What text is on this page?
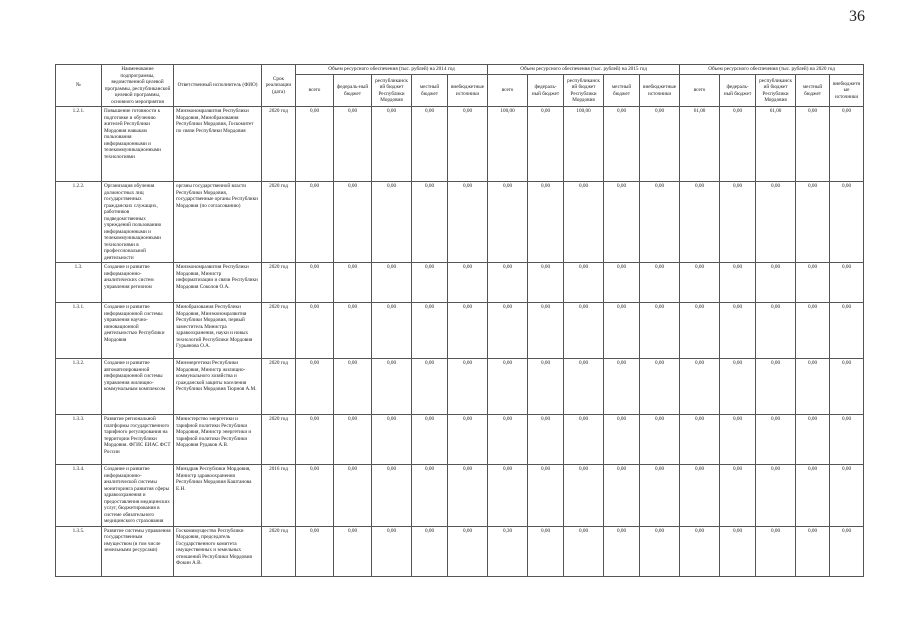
36
№	Наименование подпрограммы, ведомственной целевой программы, республиканской целевой программы, основного мероприятия	Ответственный исполнитель (ФИО)	Срок реализации (дата)	Объем ресурсного обеспечения (тыс. рублей) на 2014 год					Объем ресурсного обеспечения (тыс. рублей) на 2015 год					Объем ресурсного обеспечения (тыс. рублей) на 2020 год				
				всего	федераль-ный бюджет	республиканский бюджет Республики Мордовия	местный бюджет	внебюджетные источники	всего	федераль-ный бюджет	республиканский бюджет Республики Мордовия	местный бюджет	внебюджетные источники	всего	федераль-ный бюджет	республиканский бюджет Республики Мордовия	местный бюджет	внебюджетные источники
1.2.1.	Повышение готовности к подготовке и обучению жителей Республики Мордовия навыкам пользования информационными и телекоммуникационными технологиями	Минэкономразвития Республики Мордовия, Минобразования Республики Мордовия, Госкомитет по связи Республики Мордовия	2020 год	0,00	0,00	0,00	0,00	0,00	100,00	0,00	100,00	0,00	0,00	61,00	0,00	61,00	0,00	0,00
1.2.2.	Организация обучения должностных лиц государственных гражданских служащих, работников подведомственных учреждений пользованию информационными и телекоммуникационными технологиями в профессиональной деятельности	органы государственной власти Республики Мордовия, государственные органы Республики Мордовия (по согласованию)	2020 год	0,00	0,00	0,00	0,00	0,00	0,00	0,00	0,00	0,00	0,00	0,00	0,00	0,00	0,00	0,00
1.3.	Создание и развитие информационно-аналитических систем управления регионом	Минэкономразвития Республики Мордовия, Министр информатизации и связи Республики Мордовия Соколов О.А.	2020 год	0,00	0,00	0,00	0,00	0,00	0,00	0,00	0,00	0,00	0,00	0,00	0,00	0,00	0,00	0,00
1.3.1.	Создание и развитие информационной системы управления научно-инновационной деятельностью Республики Мордовия	Минобразования Республики Мордовия, Минэкономразвития Республики Мордовия, первый заместитель Министра здравоохранения, науки и новых технологий Республики Мордовия Гурьянова О.А.	2020 год	0,00	0,00	0,00	0,00	0,00	0,00	0,00	0,00	0,00	0,00	0,00	0,00	0,00	0,00	0,00
1.3.2.	Создание и развитие автоматизированной информационной системы управления жилищно-коммунальным комплексом	Минэнергетики Республики Мордовия, Министр жилищно-коммунального хозяйства и гражданской защиты населения Республики Мордовия Тюрнов А.М.	2020 год	0,00	0,00	0,00	0,00	0,00	0,00	0,00	0,00	0,00	0,00	0,00	0,00	0,00	0,00	0,00
1.3.3.	Развитие региональной платформы государственного тарифного регулирования на территории Республики Мордовия. ФГИС ЕИАС ФСТ России	Министерство энергетики и тарифной политики Республики Мордовия, Министр энергетики и тарифной политики Республики Мордовия Рудаков А.В.	2020 год	0,00	0,00	0,00	0,00	0,00	0,00	0,00	0,00	0,00	0,00	0,00	0,00	0,00	0,00	0,00
1.3.4.	Создание и развитие информационно-аналитической системы мониторинга развития сферы здравоохранения и предоставления медицинских услуг, бюджетирования в системе обязательного медицинского страхования	Минздрав Республики Мордовия, Министр здравоохранения Республики Мордовия Каштанова Е.Н.	2016 год	0,00	0,00	0,00	0,00	0,00	0,00	0,00	0,00	0,00	0,00	0,00	0,00	0,00	0,00	0,00
1.3.5.	Развитие системы управления государственным имуществом (в том числе земельными ресурсами)	Госкомимущество Республики Мордовия, председатель Государственного комитета имущественных и земельных отношений Республики Мордовия Фокин А.В.	2020 год	0,00	0,00	0,00	0,00	0,00	0,30	0,00	0,00	0,00	0,00	0,00	0,00	0,00	0,00	0,00
